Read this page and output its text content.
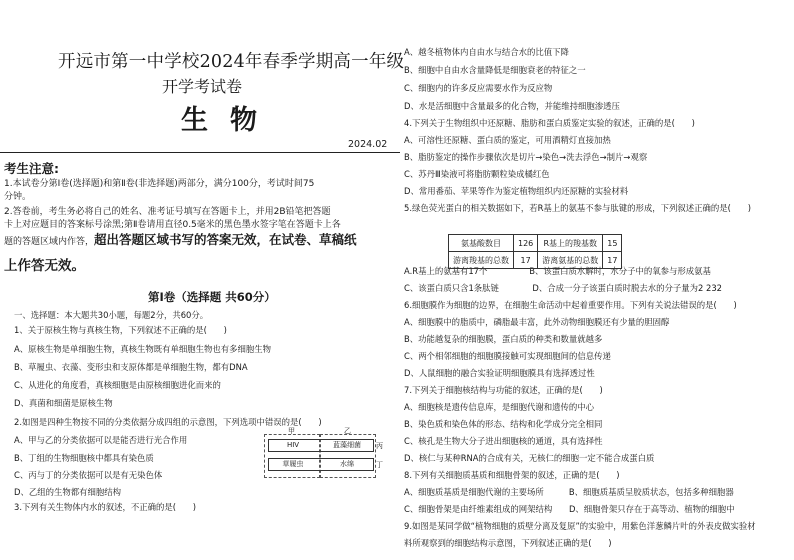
开远市第一中学校2024年春季学期高一年级
开学考试卷
生物
2024.02
考生注意:
1.本试卷分第Ⅰ卷(选择题)和第Ⅱ卷(非选择题)两部分，满分100分，考试时间75
分钟。
2.答卷前，考生务必将自己的姓名、准考证号填写在答题卡上，并用2B铅笔把答题
卡上对应题目的答案标号涂黑;第Ⅱ卷请用直径0.5毫米的黑色墨水签字笔在答题卡上各
题的答题区域内作答，超出答题区域书写的答案无效，在试卷、草稿纸
上作答无效。
第Ⅰ卷（选择题 共60分）
一、选择题：本大题共30小题，每题2分，共60分。
1、关于原核生物与真核生物，下列叙述不正确的是(　　)
A、原核生物是单细胞生物，真核生物既有单细胞生物也有多细胞生物
B、草履虫、衣藻、变形虫和支原体都是单细胞生物，都有DNA
C、从进化的角度看，真核细胞是由原核细胞进化而来的
D、真菌和细菌是原核生物
2.如图是四种生物按不同的分类依据分成四组的示意图，下列选项中错误的是(　　)
A、甲与乙的分类依据可以是能否进行光合作用
B、丁组的生物细胞核中都具有染色质
C、丙与丁的分类依据可以是有无染色体
D、乙组的生物都有细胞结构
3.下列有关生物体内水的叙述，不正确的是(　　)
甲	乙
HIV	蓝藻细菌
草履虫	水绵
丙
丁
A、越冬植物体内自由水与结合水的比值下降
B、细胞中自由水含量降低是细胞衰老的特征之一
C、细胞内的许多反应需要水作为反应物
D、水是活细胞中含量最多的化合物，并能维持细胞渗透压
4.下列关于生物组织中还原糖、脂肪和蛋白质鉴定实验的叙述，正确的是(　　)
A、可溶性还原糖、蛋白质的鉴定，可用酒精灯直接加热
B、脂肪鉴定的操作步骤依次是切片→染色→洗去浮色→制片→观察
C、苏丹Ⅲ染液可将脂肪颗粒染成橘红色
D、常用番茄、苹果等作为鉴定植物组织内还原糖的实验材料
5.绿色荧光蛋白的相关数据如下，若R基上的氨基不参与肽键的形成，下列叙述正确的是(　　)
A.R基上的氨基有17个　　　　　B、该蛋白质水解时，水分子中的氧参与形成氨基
C、该蛋白质只含1条肽链　　　　D、合成一分子该蛋白质时脱去水的分子量为2 232
6.细胞膜作为细胞的边界，在细胞生命活动中起着重要作用。下列有关说法错误的是(　　)
A、细胞膜中的脂质中，磷脂最丰富，此外动物细胞膜还有少量的胆固醇
B、功能越复杂的细胞膜，蛋白质的种类和数量就越多
C、两个相邻细胞的细胞膜接触可实现细胞间的信息传递
D、人鼠细胞的融合实验证明细胞膜具有选择透过性
7.下列关于细胞核结构与功能的叙述，正确的是(　　)
A、细胞核是遗传信息库，是细胞代谢和遗传的中心
B、染色质和染色体的形态、结构和化学成分完全相同
C、核孔是生物大分子进出细胞核的通道，具有选择性
D、核仁与某种RNA的合成有关，无核仁的细胞一定不能合成蛋白质
8.下列有关细胞质基质和细胞骨架的叙述，正确的是(　　)
A、细胞质基质是细胞代谢的主要场所　　　B、细胞质基质呈胶质状态，包括多种细胞器
C、细胞骨架是由纤维素组成的网架结构　　D、细胞骨架只存在于高等动、植物的细胞中
9.如图是某同学做“植物细胞的质壁分离及复原”的实验中，用紫色洋葱鳞片叶的外表皮做实验材
料所观察到的细胞结构示意图，下列叙述正确的是(　　)
氨基酸数目	126	R基上的羧基数	15
游离羧基的总数	17	游离氨基的总数	17
